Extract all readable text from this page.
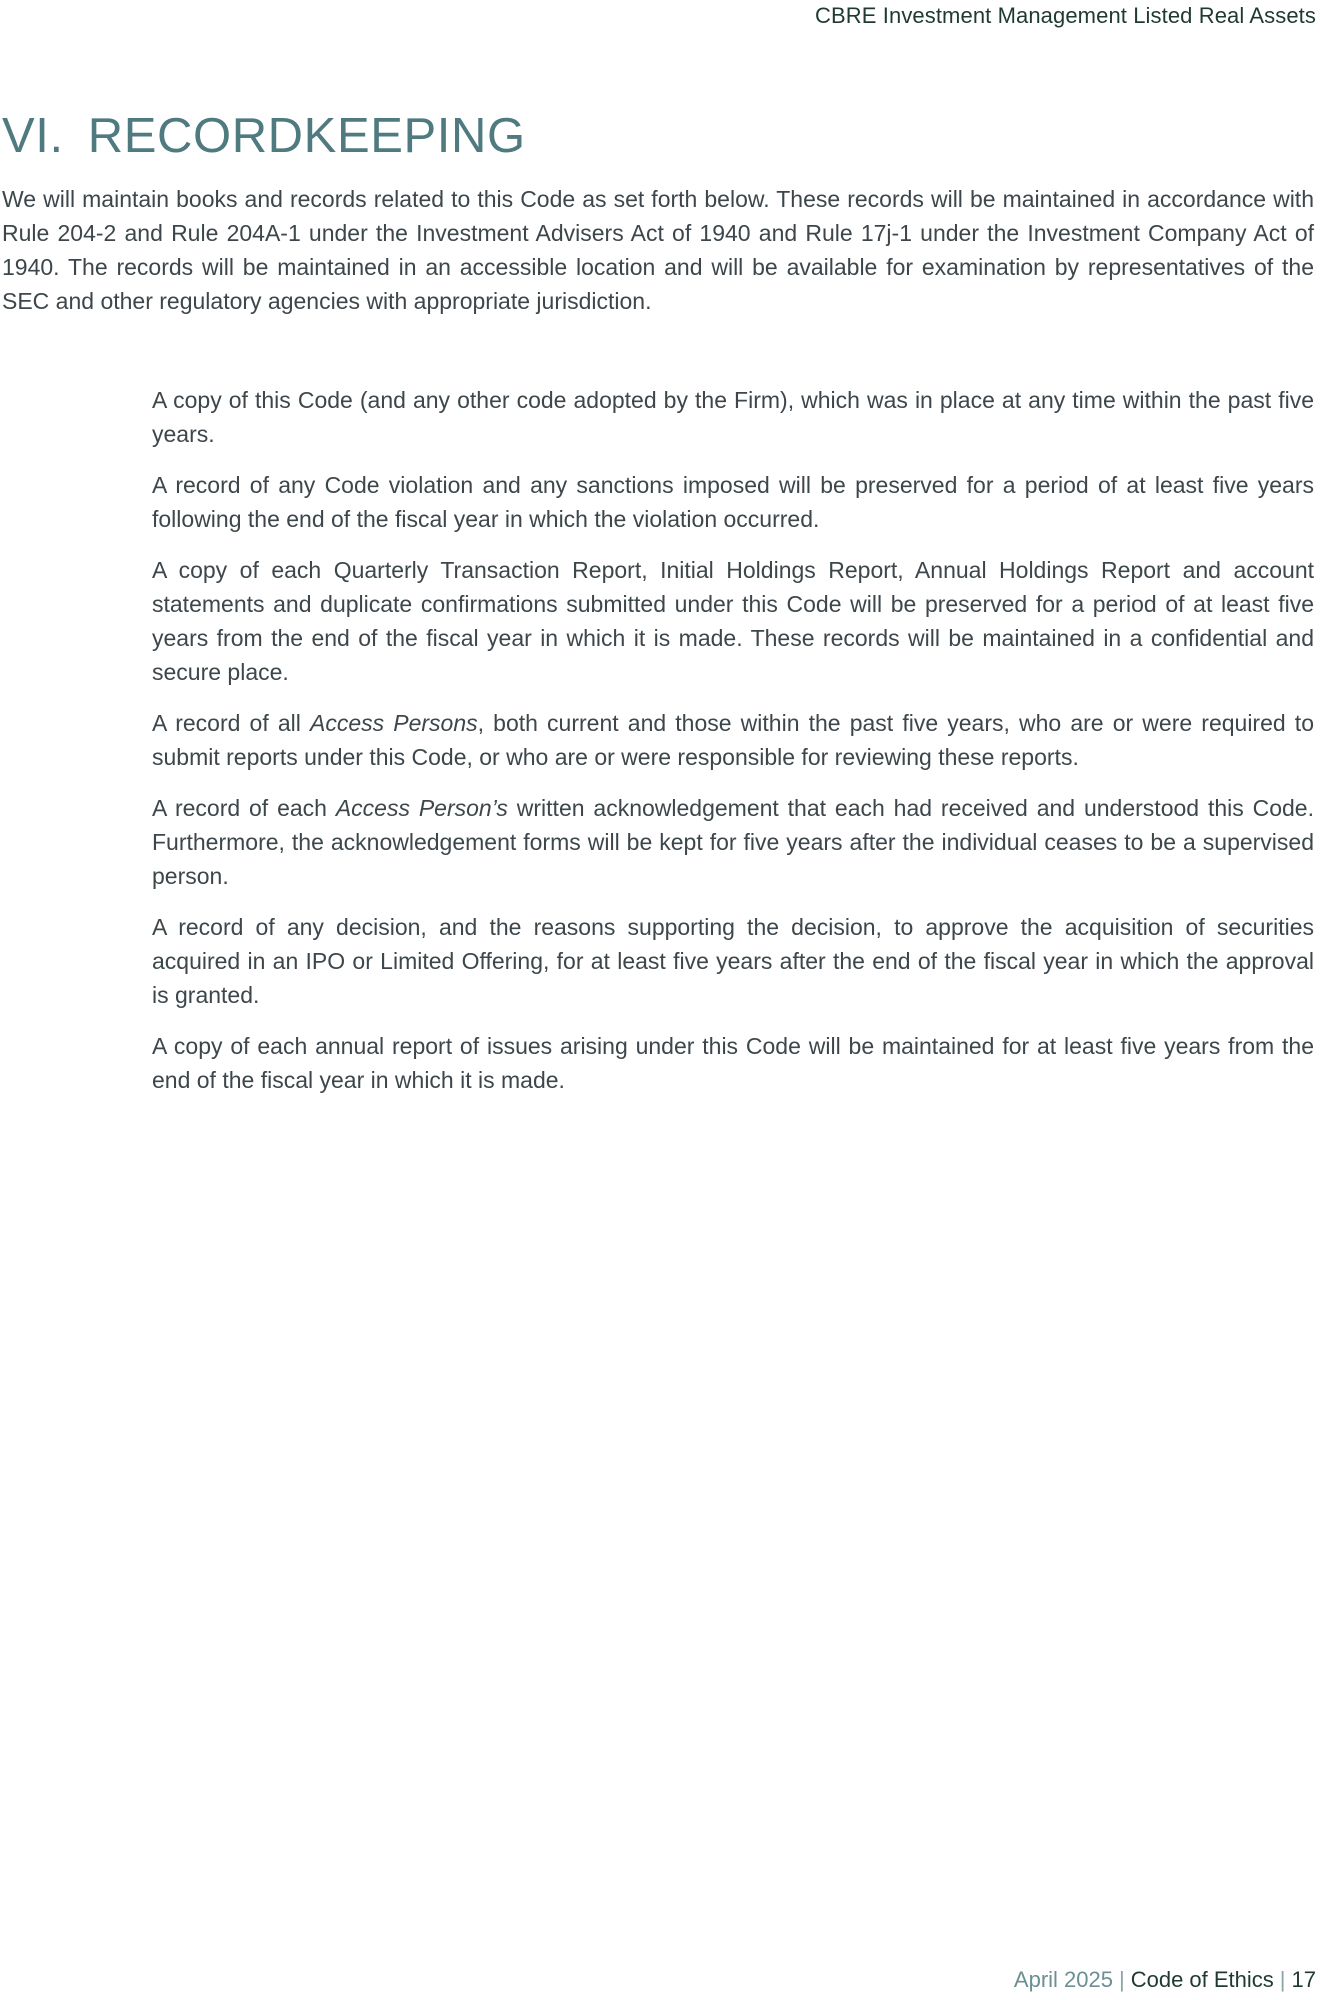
CBRE Investment Management Listed Real Assets
VI. RECORDKEEPING

We will maintain books and records related to this Code as set forth below. These records will be maintained in accordance with Rule 204-2 and Rule 204A-1 under the Investment Advisers Act of 1940 and Rule 17j-1 under the Investment Company Act of 1940. The records will be maintained in an accessible location and will be available for examination by representatives of the SEC and other regulatory agencies with appropriate jurisdiction.

A copy of this Code (and any other code adopted by the Firm), which was in place at any time within the past five years.
A record of any Code violation and any sanctions imposed will be preserved for a period of at least five years following the end of the fiscal year in which the violation occurred.
A copy of each Quarterly Transaction Report, Initial Holdings Report, Annual Holdings Report and account statements and duplicate confirmations submitted under this Code will be preserved for a period of at least five years from the end of the fiscal year in which it is made. These records will be maintained in a confidential and secure place.
A record of all Access Persons, both current and those within the past five years, who are or were required to submit reports under this Code, or who are or were responsible for reviewing these reports.
A record of each Access Person’s written acknowledgement that each had received and understood this Code. Furthermore, the acknowledgement forms will be kept for five years after the individual ceases to be a supervised person.
A record of any decision, and the reasons supporting the decision, to approve the acquisition of securities acquired in an IPO or Limited Offering, for at least five years after the end of the fiscal year in which the approval is granted.
A copy of each annual report of issues arising under this Code will be maintained for at least five years from the end of the fiscal year in which it is made.
April 2025 | Code of Ethics | 17
